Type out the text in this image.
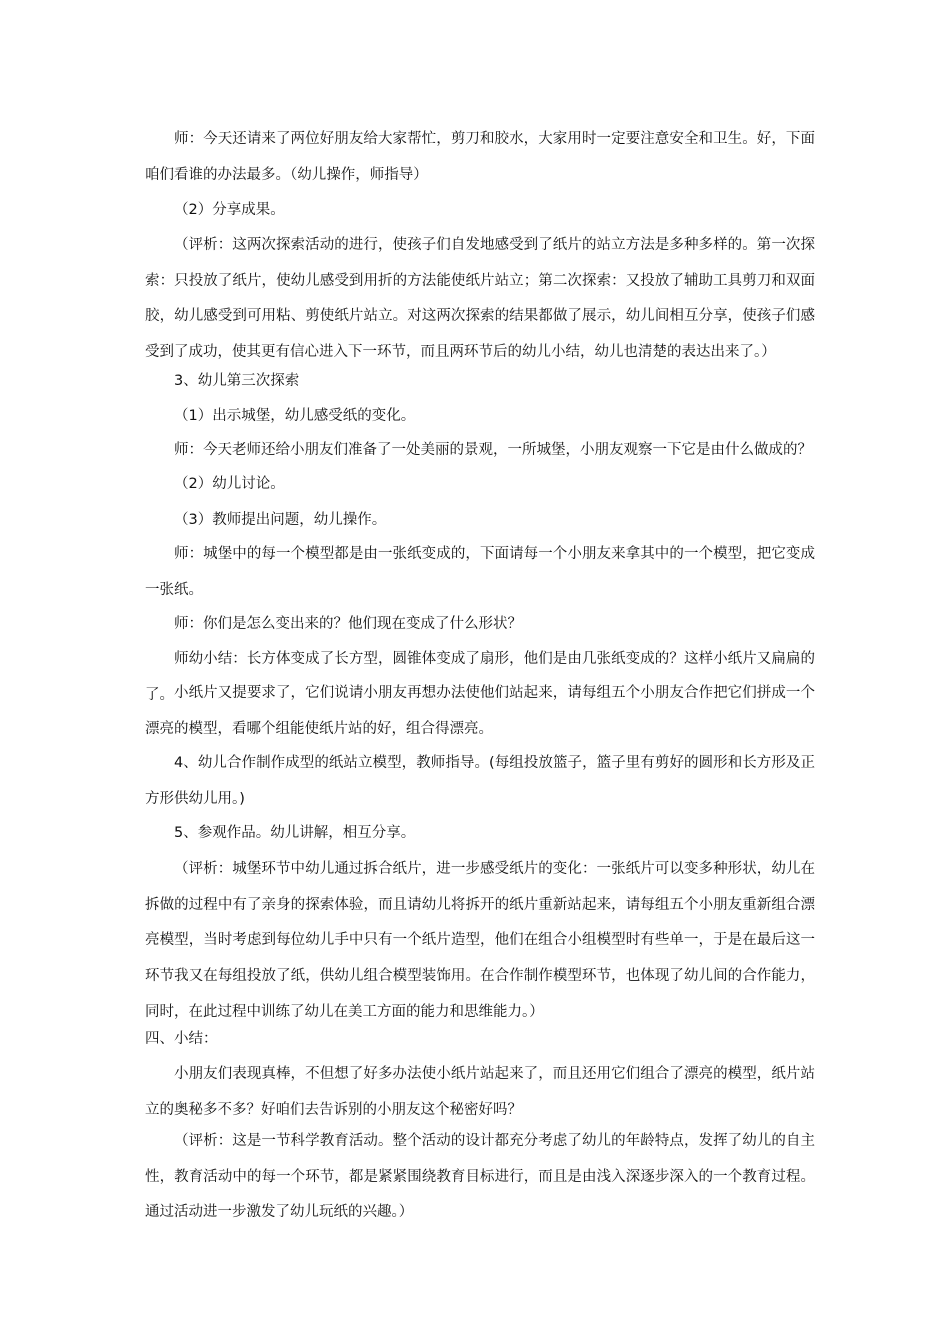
师：今天还请来了两位好朋友给大家帮忙，剪刀和胶水，大家用时一定要注意安全和卫生。好，下面咱们看谁的办法最多。（幼儿操作，师指导）

（2）分享成果。

（评析：这两次探索活动的进行，使孩子们自发地感受到了纸片的站立方法是多种多样的。第一次探索：只投放了纸片，使幼儿感受到用折的方法能使纸片站立；第二次探索：又投放了辅助工具剪刀和双面胶，幼儿感受到可用粘、剪使纸片站立。对这两次探索的结果都做了展示，幼儿间相互分享，使孩子们感受到了成功，使其更有信心进入下一环节，而且两环节后的幼儿小结，幼儿也清楚的表达出来了。）

3、幼儿第三次探索

（1）出示城堡，幼儿感受纸的变化。

师：今天老师还给小朋友们准备了一处美丽的景观，一所城堡，小朋友观察一下它是由什么做成的？

（2）幼儿讨论。

（3）教师提出问题，幼儿操作。

师：城堡中的每一个模型都是由一张纸变成的，下面请每一个小朋友来拿其中的一个模型，把它变成一张纸。

师：你们是怎么变出来的？他们现在变成了什么形状？

师幼小结：长方体变成了长方型，圆锥体变成了扇形，他们是由几张纸变成的？这样小纸片又扁扁的了。 小纸片又提要求了，它们说请小朋友再想办法使他们站起来，请每组五个小朋友合作把它们拼成一个漂亮的模型，看哪个组能使纸片站的好，组合得漂亮。

4、幼儿合作制作成型的纸站立模型，教师指导。(每组投放篮子，篮子里有剪好的圆形和长方形及正方形供幼儿用。)

5、参观作品。幼儿讲解，相互分享。

（评析：城堡环节中幼儿通过拆合纸片，进一步感受纸片的变化：一张纸片可以变多种形状，幼儿在拆做的过程中有了亲身的探索体验，而且请幼儿将拆开的纸片重新站起来，请每组五个小朋友重新组合漂亮模型，当时考虑到每位幼儿手中只有一个纸片造型，他们在组合小组模型时有些单一，于是在最后这一环节我又在每组投放了纸，供幼儿组合模型装饰用。在合作制作模型环节，也体现了幼儿间的合作能力，同时，在此过程中训练了幼儿在美工方面的能力和思维能力。）

四、小结：

小朋友们表现真棒，不但想了好多办法使小纸片站起来了，而且还用它们组合了漂亮的模型，纸片站立的奥秘多不多？好咱们去告诉别的小朋友这个秘密好吗？

（评析：这是一节科学教育活动。整个活动的设计都充分考虑了幼儿的年龄特点，发挥了幼儿的自主性，教育活动中的每一个环节，都是紧紧围绕教育目标进行，而且是由浅入深逐步深入的一个教育过程。通过活动进一步激发了幼儿玩纸的兴趣。）
